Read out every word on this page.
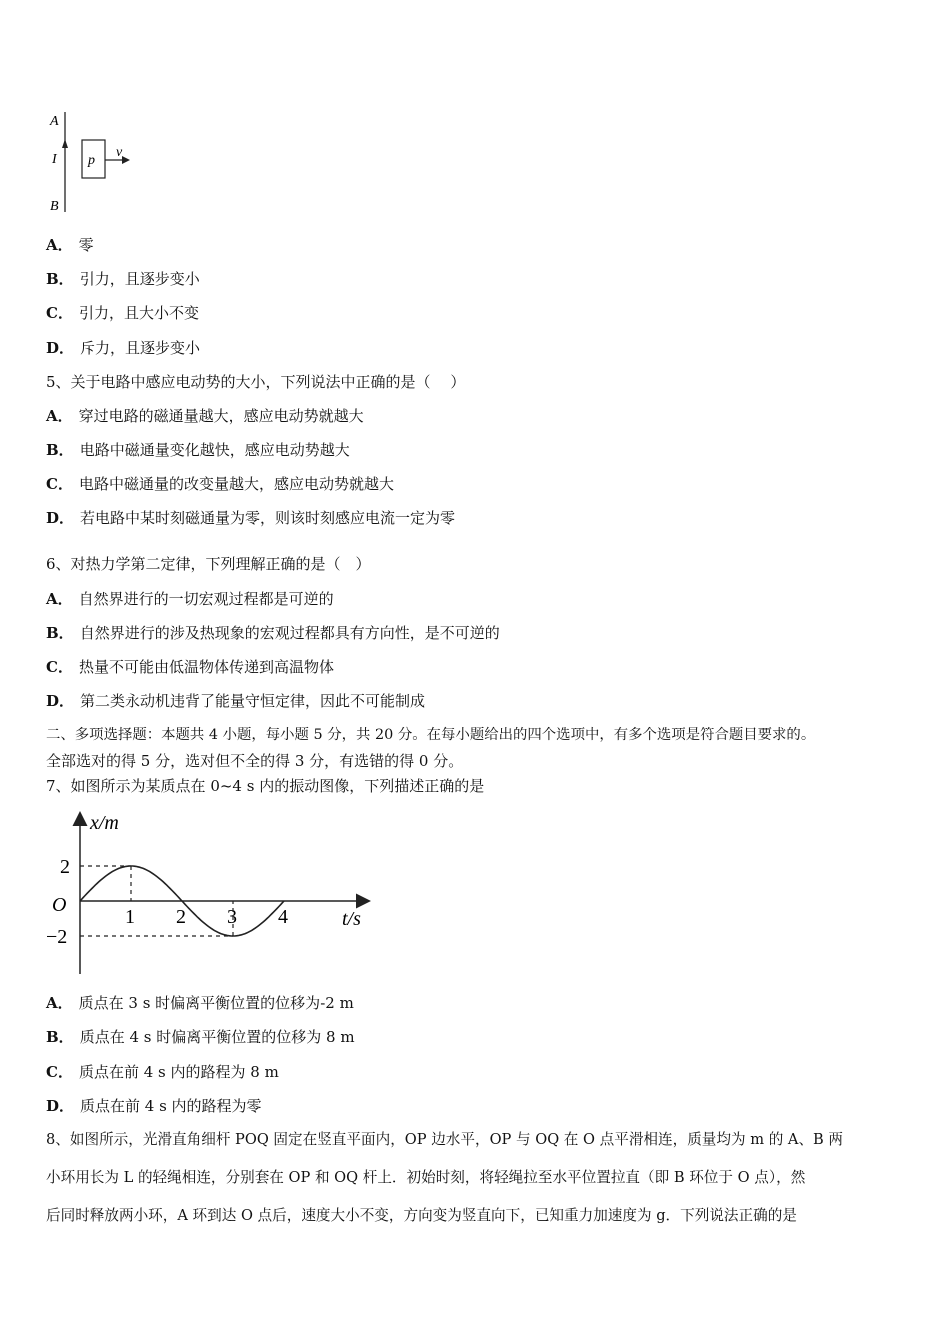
A
I
B
p
v
A． 零
B． 引力，且逐步变小
C． 引力，且大小不变
D． 斥力，且逐步变小
5、关于电路中感应电动势的大小，下列说法中正确的是（　 ）
A． 穿过电路的磁通量越大，感应电动势就越大
B． 电路中磁通量变化越快，感应电动势越大
C． 电路中磁通量的改变量越大，感应电动势就越大
D． 若电路中某时刻磁通量为零，则该时刻感应电流一定为零
6、对热力学第二定律，下列理解正确的是（　）
A． 自然界进行的一切宏观过程都是可逆的
B． 自然界进行的涉及热现象的宏观过程都具有方向性，是不可逆的
C． 热量不可能由低温物体传递到高温物体
D． 第二类永动机违背了能量守恒定律，因此不可能制成
二、多项选择题：本题共 4 小题，每小题 5 分，共 20 分。在每小题给出的四个选项中，有多个选项是符合题目要求的。
全部选对的得 5 分，选对但不全的得 3 分，有选错的得 0 分。
7、如图所示为某质点在 0~4 s 内的振动图像，下列描述正确的是
x/m
t/s
O
1 2 3 4
2
−2
A． 质点在 3 s 时偏离平衡位置的位移为-2 m
B． 质点在 4 s 时偏离平衡位置的位移为 8 m
C． 质点在前 4 s 内的路程为 8 m
D． 质点在前 4 s 内的路程为零
8、如图所示，光滑直角细杆 POQ 固定在竖直平面内，OP 边水平，OP 与 OQ 在 O 点平滑相连，质量均为 m 的 A、B 两
小环用长为 L 的轻绳相连，分别套在 OP 和 OQ 杆上．初始时刻，将轻绳拉至水平位置拉直（即 B 环位于 O 点），然
后同时释放两小环，A 环到达 O 点后，速度大小不变，方向变为竖直向下，已知重力加速度为 g．下列说法正确的是
